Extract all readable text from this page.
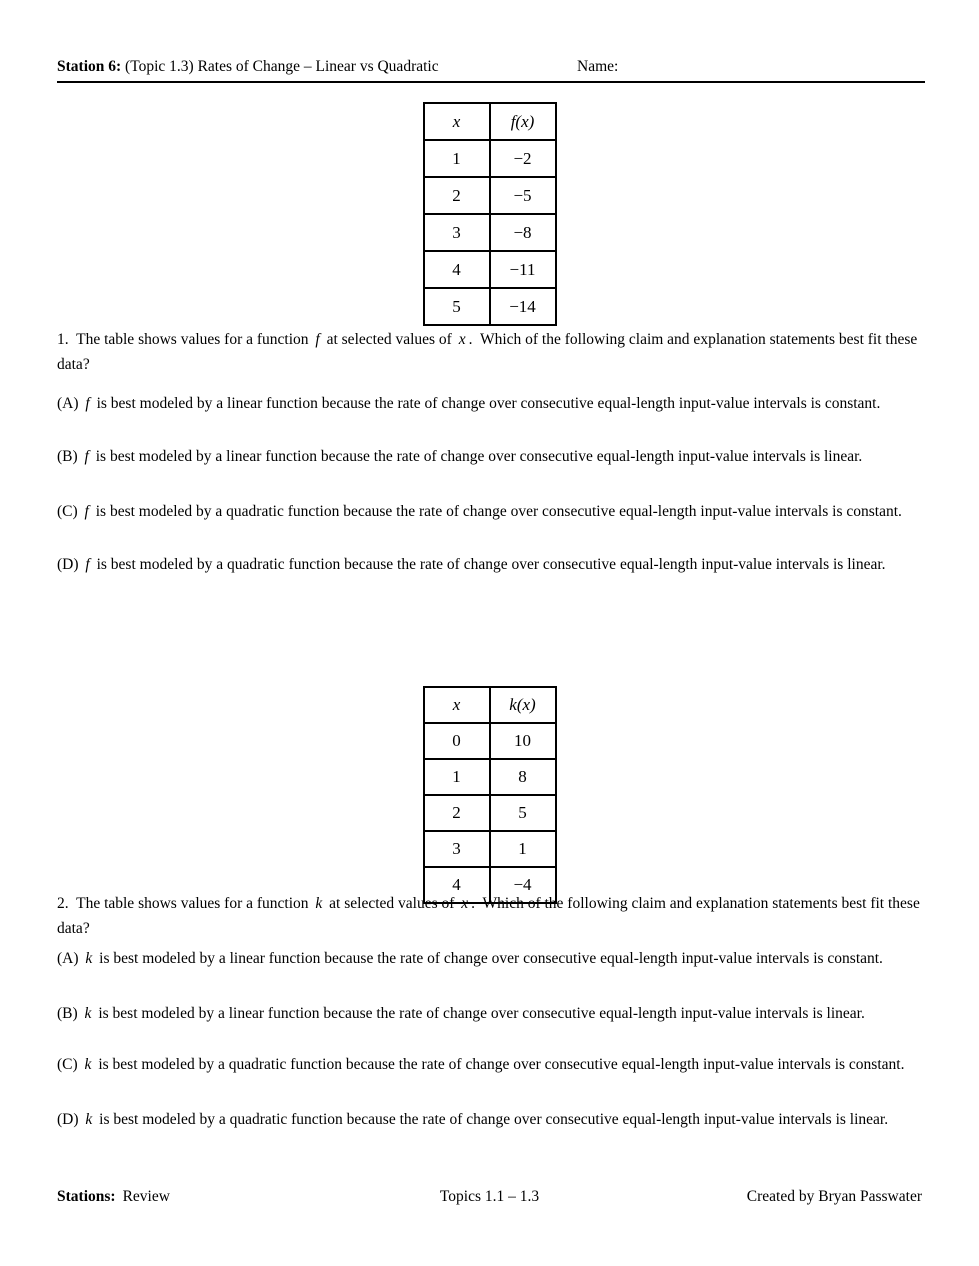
Station 6: (Topic 1.3) Rates of Change – Linear vs Quadratic	Name:
x	f(x)
1	−2
2	−5
3	−8
4	−11
5	−14

1.  The table shows values for a function f at selected values of x .  Which of the following claim and explanation statements best fit these data?

(A) f is best modeled by a linear function because the rate of change over consecutive equal-length input-value intervals is constant.

(B) f is best modeled by a linear function because the rate of change over consecutive equal-length input-value intervals is linear.

(C) f is best modeled by a quadratic function because the rate of change over consecutive equal-length input-value intervals is constant.

(D) f is best modeled by a quadratic function because the rate of change over consecutive equal-length input-value intervals is linear.

x	k(x)
0	10
1	8
2	5
3	1
4	−4

2.  The table shows values for a function k at selected values of x .  Which of the following claim and explanation statements best fit these data?

(A) k is best modeled by a linear function because the rate of change over consecutive equal-length input-value intervals is constant.

(B) k is best modeled by a linear function because the rate of change over consecutive equal-length input-value intervals is linear.

(C) k is best modeled by a quadratic function because the rate of change over consecutive equal-length input-value intervals is constant.

(D) k is best modeled by a quadratic function because the rate of change over consecutive equal-length input-value intervals is linear.

Stations: Review	Topics 1.1 – 1.3	Created by Bryan Passwater
